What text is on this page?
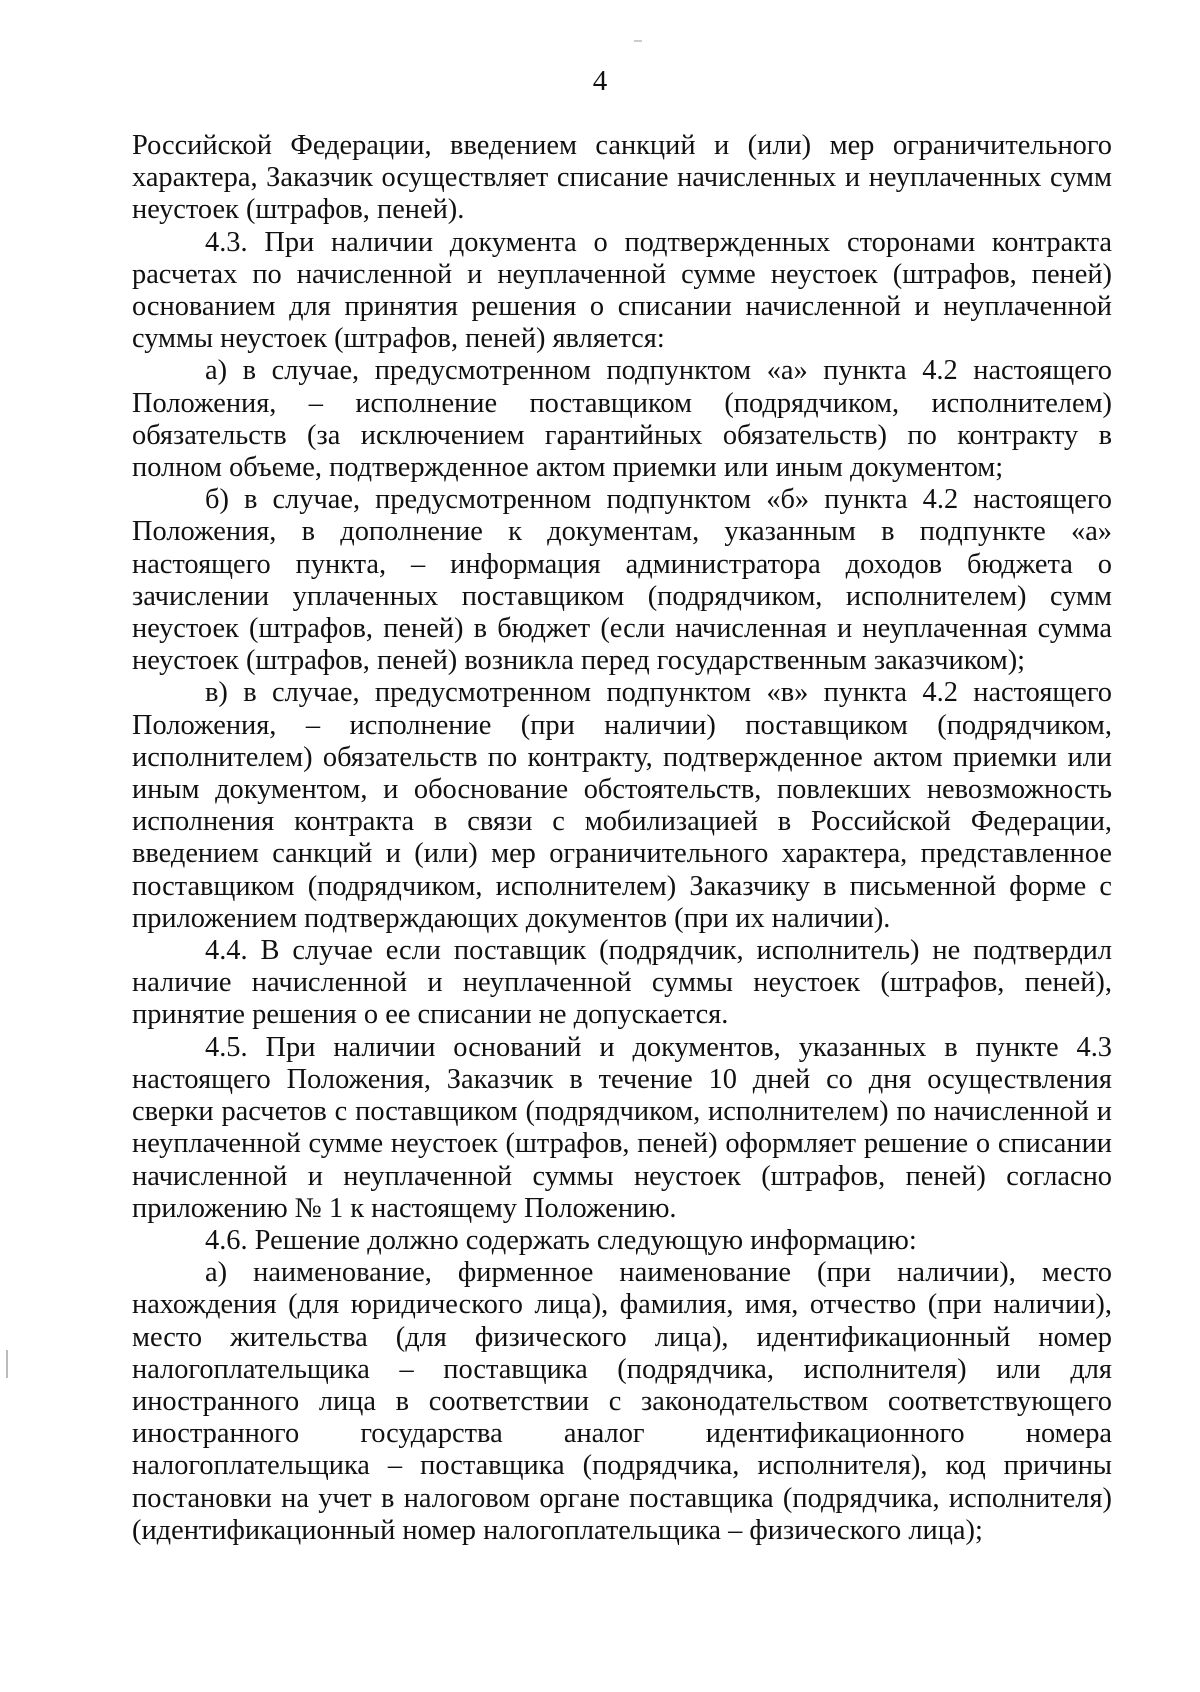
4

Российской Федерации, введением санкций и (или) мер ограничительного характера, Заказчик осуществляет списание начисленных и неуплаченных сумм неустоек (штрафов, пеней).

4.3. При наличии документа о подтвержденных сторонами контракта расчетах по начисленной и неуплаченной сумме неустоек (штрафов, пеней) основанием для принятия решения о списании начисленной и неуплаченной суммы неустоек (штрафов, пеней) является:

а) в случае, предусмотренном подпунктом «а» пункта 4.2 настоящего Положения, – исполнение поставщиком (подрядчиком, исполнителем) обязательств (за исключением гарантийных обязательств) по контракту в полном объеме, подтвержденное актом приемки или иным документом;

б) в случае, предусмотренном подпунктом «б» пункта 4.2 настоящего Положения, в дополнение к документам, указанным в подпункте «а» настоящего пункта, – информация администратора доходов бюджета о зачислении уплаченных поставщиком (подрядчиком, исполнителем) сумм неустоек (штрафов, пеней) в бюджет (если начисленная и неуплаченная сумма неустоек (штрафов, пеней) возникла перед государственным заказчиком);

в) в случае, предусмотренном подпунктом «в» пункта 4.2 настоящего Положения, – исполнение (при наличии) поставщиком (подрядчиком, исполнителем) обязательств по контракту, подтвержденное актом приемки или иным документом, и обоснование обстоятельств, повлекших невозможность исполнения контракта в связи с мобилизацией в Российской Федерации, введением санкций и (или) мер ограничительного характера, представленное поставщиком (подрядчиком, исполнителем) Заказчику в письменной форме с приложением подтверждающих документов (при их наличии).

4.4. В случае если поставщик (подрядчик, исполнитель) не подтвердил наличие начисленной и неуплаченной суммы неустоек (штрафов, пеней), принятие решения о ее списании не допускается.

4.5. При наличии оснований и документов, указанных в пункте 4.3 настоящего Положения, Заказчик в течение 10 дней со дня осуществления сверки расчетов с поставщиком (подрядчиком, исполнителем) по начисленной и неуплаченной сумме неустоек (штрафов, пеней) оформляет решение о списании начисленной и неуплаченной суммы неустоек (штрафов, пеней) согласно приложению № 1 к настоящему Положению.

4.6. Решение должно содержать следующую информацию:

а) наименование, фирменное наименование (при наличии), место нахождения (для юридического лица), фамилия, имя, отчество (при наличии), место жительства (для физического лица), идентификационный номер налогоплательщика – поставщика (подрядчика, исполнителя) или для иностранного лица в соответствии с законодательством соответствующего иностранного государства аналог идентификационного номера налогоплательщика – поставщика (подрядчика, исполнителя), код причины постановки на учет в налоговом органе поставщика (подрядчика, исполнителя) (идентификационный номер налогоплательщика – физического лица);
